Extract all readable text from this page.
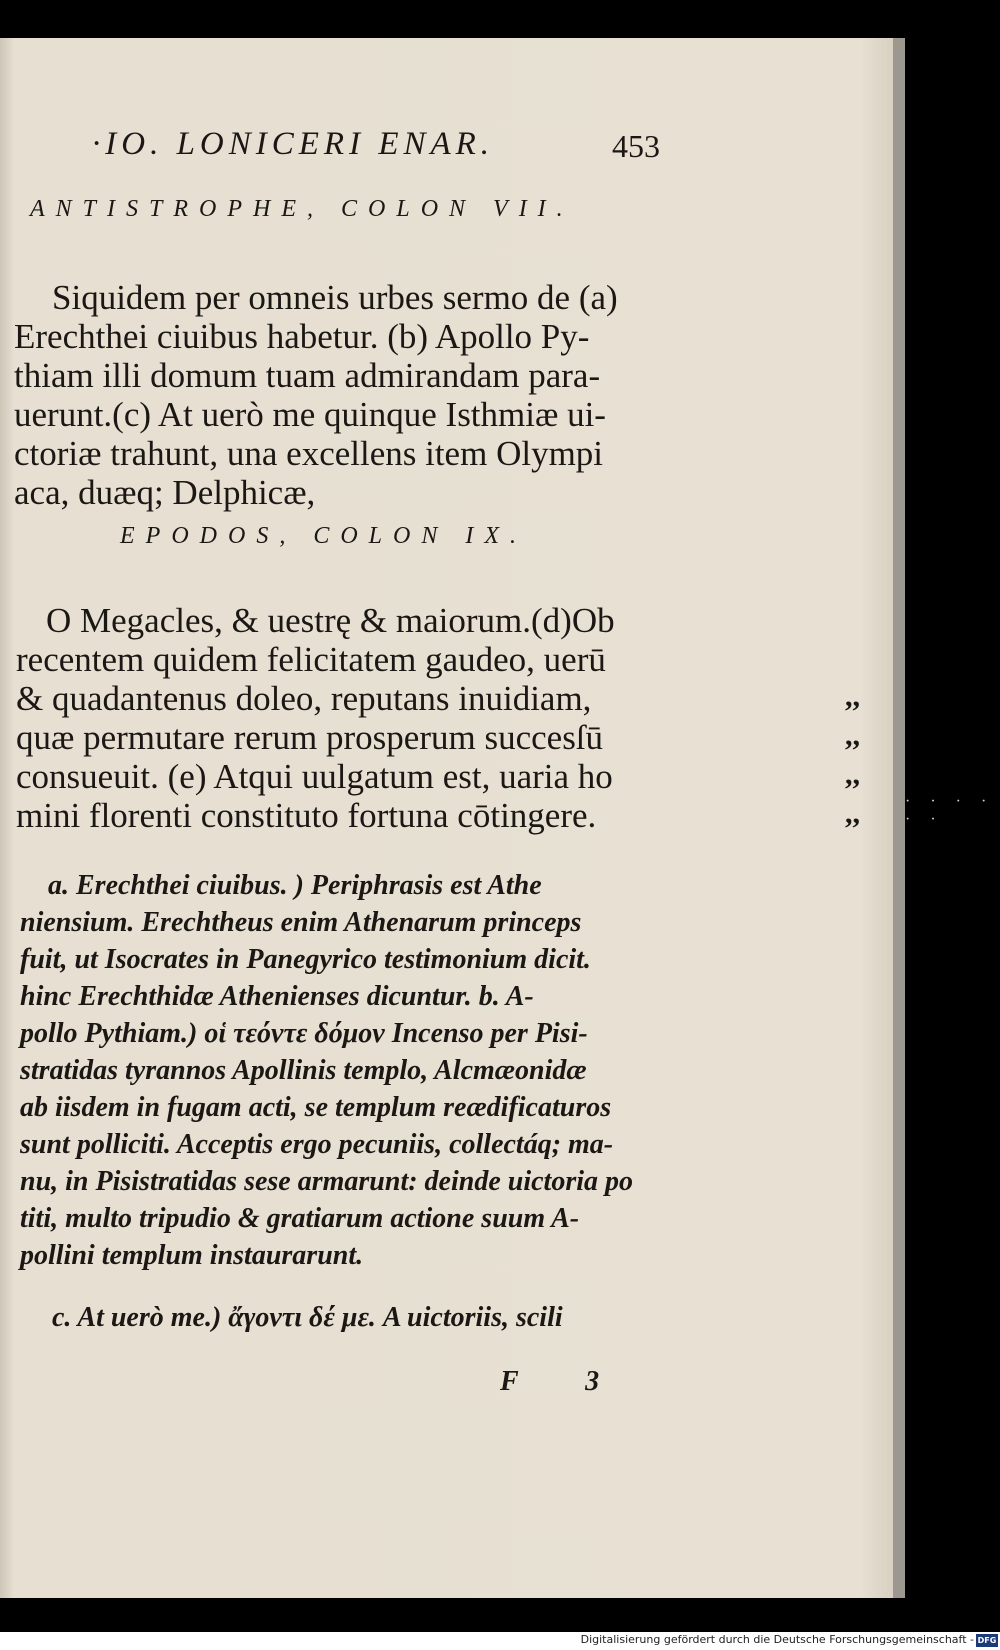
·IO. LONICERI ENAR.	453
ANTISTROPHE, COLON VII.
Siquidem per omneis urbes sermo de (a)
Erechthei ciuibus habetur. (b) Apollo Py-
thiam illi domum tuam admirandam para-
uerunt.(c) At uerò me quinque Isthmiæ ui-
ctoriæ trahunt, una excellens item Olympi
aca, duæq; Delphicæ,
EPODOS, COLON IX.
O Megacles, & uestrę & maiorum.(d)Ob
recentem quidem felicitatem gaudeo, uerū
& quadantenus doleo, reputans inuidiam,
quæ permutare rerum prosperum succesſū
consueuit. (e) Atqui uulgatum est, uaria ho
mini florenti constituto fortuna cōtingere.
,,
,,
,,
,,
a. Erechthei ciuibus. ) Periphrasis est Athe
niensium. Erechtheus enim Athenarum princeps
fuit, ut Isocrates in Panegyrico testimonium dicit.
hinc Erechthidæ Athenienses dicuntur. b. A-
pollo Pythiam.) οἱ τεόντε δόμον Incenso per Pisi-
stratidas tyrannos Apollinis templo, Alcmæonidæ
ab iisdem in fugam acti, se templum reædificaturos
sunt polliciti. Acceptis ergo pecuniis, collectáq; ma-
nu, in Pisistratidas sese armarunt: deinde uictoria po
titi, multo tripudio & gratiarum actione suum A-
pollini templum instaurarunt.
c. At uerò me.) ἄγοντι δέ με. A uictoriis, scili
F 3
· · · · · ·
Digitalisierung gefördert durch die Deutsche Forschungsgemeinschaft - DFG
